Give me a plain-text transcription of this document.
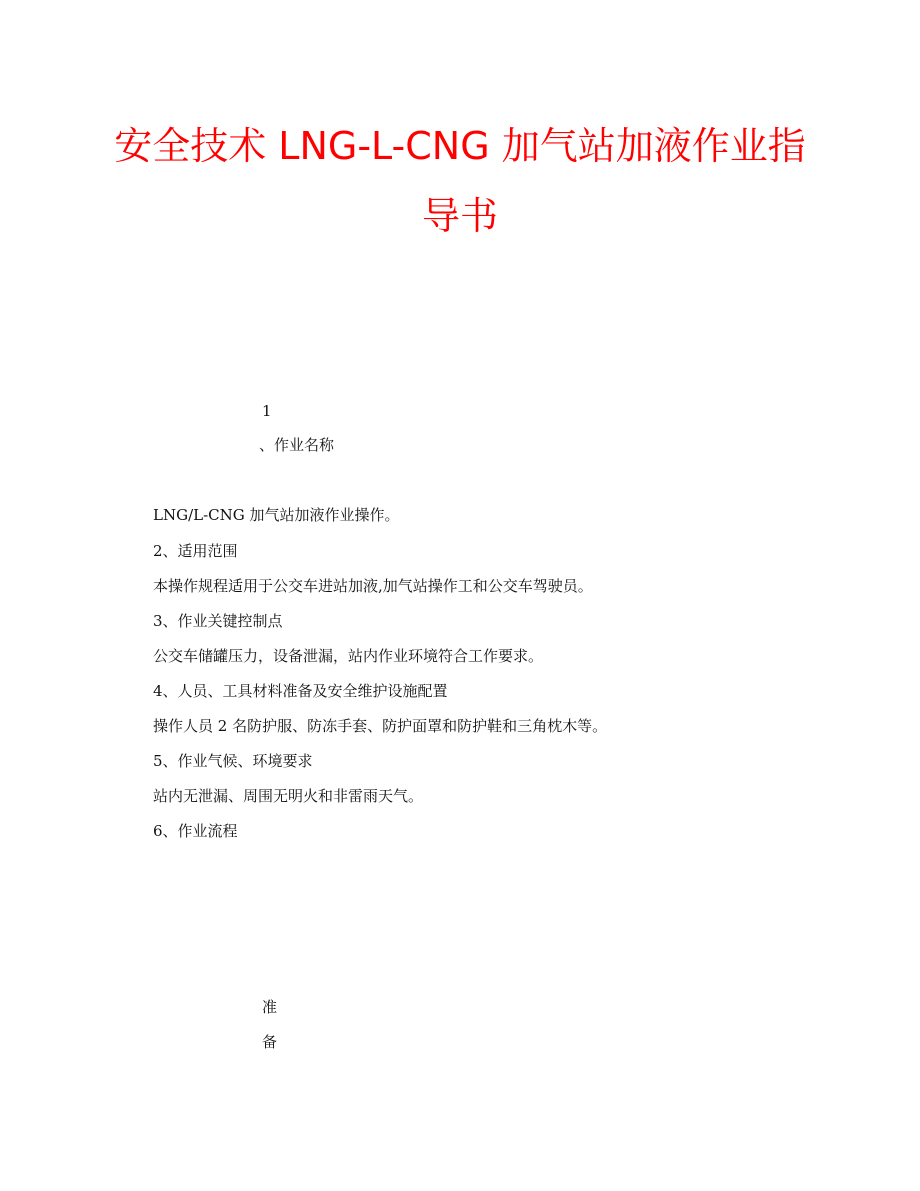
安全技术 LNG-L-CNG 加气站加液作业指
导书
1
、作业名称
LNG/L-CNG 加气站加液作业操作。
2、适用范围
本操作规程适用于公交车进站加液,加气站操作工和公交车驾驶员。
3、作业关键控制点
公交车储罐压力，设备泄漏，站内作业环境符合工作要求。
4、人员、工具材料准备及安全维护设施配置
操作人员 2 名防护服、防冻手套、防护面罩和防护鞋和三角枕木等。
5、作业气候、环境要求
站内无泄漏、周围无明火和非雷雨天气。
6、作业流程
准
备
